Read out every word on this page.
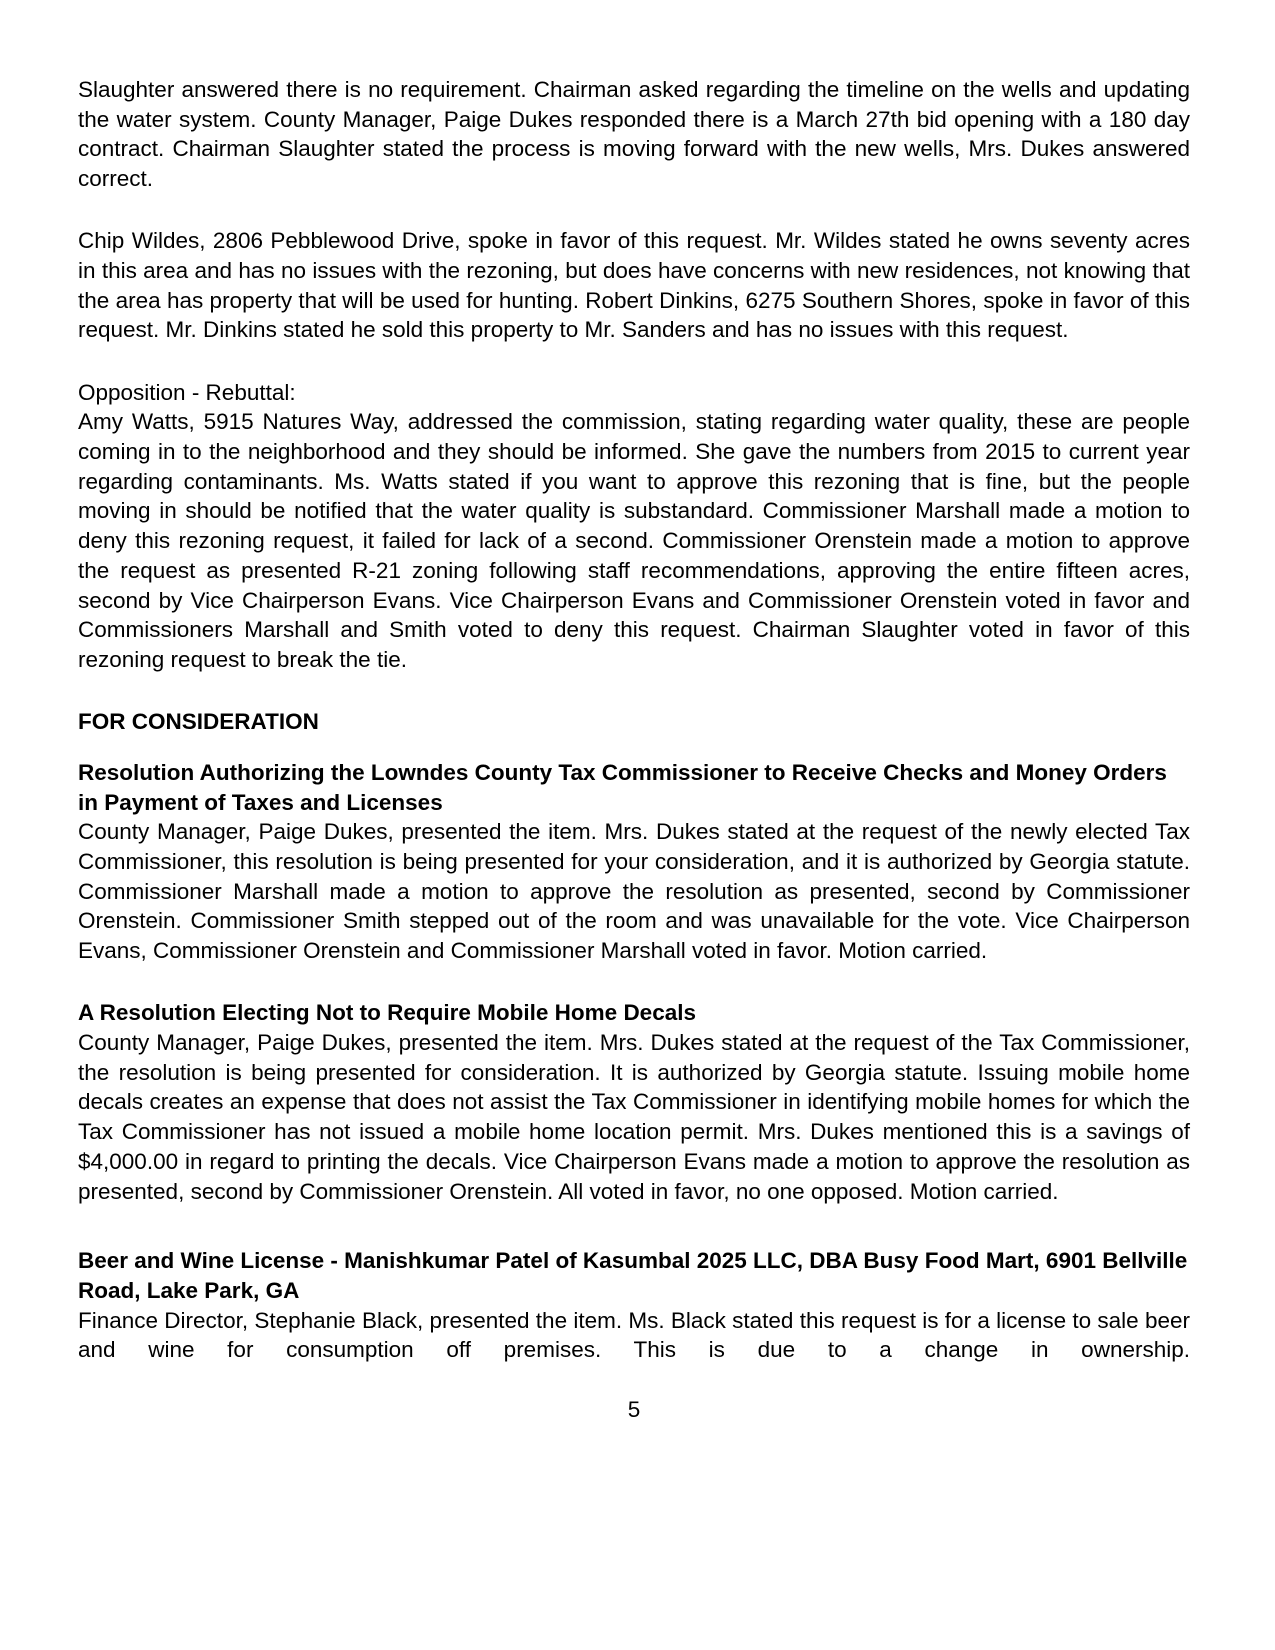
Slaughter answered there is no requirement. Chairman asked regarding the timeline on the wells and updating the water system. County Manager, Paige Dukes responded there is a March 27th bid opening with a 180 day contract. Chairman Slaughter stated the process is moving forward with the new wells, Mrs. Dukes answered correct.

Chip Wildes, 2806 Pebblewood Drive, spoke in favor of this request. Mr. Wildes stated he owns seventy acres in this area and has no issues with the rezoning, but does have concerns with new residences, not knowing that the area has property that will be used for hunting. Robert Dinkins, 6275 Southern Shores, spoke in favor of this request. Mr. Dinkins stated he sold this property to Mr. Sanders and has no issues with this request.

Opposition - Rebuttal:

Amy Watts, 5915 Natures Way, addressed the commission, stating regarding water quality, these are people coming in to the neighborhood and they should be informed. She gave the numbers from 2015 to current year regarding contaminants. Ms. Watts stated if you want to approve this rezoning that is fine, but the people moving in should be notified that the water quality is substandard. Commissioner Marshall made a motion to deny this rezoning request, it failed for lack of a second. Commissioner Orenstein made a motion to approve the request as presented R-21 zoning following staff recommendations, approving the entire fifteen acres, second by Vice Chairperson Evans. Vice Chairperson Evans and Commissioner Orenstein voted in favor and Commissioners Marshall and Smith voted to deny this request. Chairman Slaughter voted in favor of this rezoning request to break the tie.

FOR CONSIDERATION
Resolution Authorizing the Lowndes County Tax Commissioner to Receive Checks and Money Orders in Payment of Taxes and Licenses

County Manager, Paige Dukes, presented the item. Mrs. Dukes stated at the request of the newly elected Tax Commissioner, this resolution is being presented for your consideration, and it is authorized by Georgia statute. Commissioner Marshall made a motion to approve the resolution as presented, second by Commissioner Orenstein. Commissioner Smith stepped out of the room and was unavailable for the vote. Vice Chairperson Evans, Commissioner Orenstein and Commissioner Marshall voted in favor. Motion carried.

A Resolution Electing Not to Require Mobile Home Decals

County Manager, Paige Dukes, presented the item. Mrs. Dukes stated at the request of the Tax Commissioner, the resolution is being presented for consideration. It is authorized by Georgia statute. Issuing mobile home decals creates an expense that does not assist the Tax Commissioner in identifying mobile homes for which the Tax Commissioner has not issued a mobile home location permit. Mrs. Dukes mentioned this is a savings of $4,000.00 in regard to printing the decals. Vice Chairperson Evans made a motion to approve the resolution as presented, second by Commissioner Orenstein. All voted in favor, no one opposed. Motion carried.

Beer and Wine License - Manishkumar Patel of Kasumbal 2025 LLC, DBA Busy Food Mart, 6901 Bellville Road, Lake Park, GA

Finance Director, Stephanie Black, presented the item. Ms. Black stated this request is for a license to sale beer and wine for consumption off premises. This is due to a change in ownership.

5
